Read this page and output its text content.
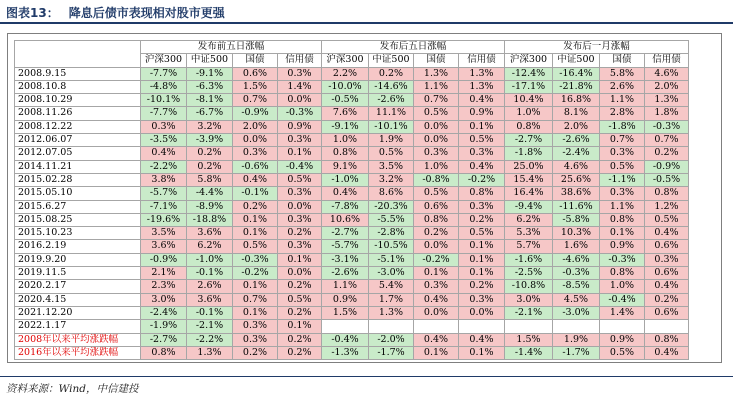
图表13： 降息后债市表现相对股市更强
	发布前五日涨幅				发布后五日涨幅				发布后一月涨幅			
	沪深300	中证500	国债	信用债	沪深300	中证500	国债	信用债	沪深300	中证500	国债	信用债
2008.9.15	-7.7%	-9.1%	0.6%	0.3%	2.2%	0.2%	1.3%	1.3%	-12.4%	-16.4%	5.8%	4.6%
2008.10.8	-4.8%	-6.3%	1.5%	1.4%	-10.0%	-14.6%	1.1%	1.3%	-17.1%	-21.8%	2.6%	2.0%
2008.10.29	-10.1%	-8.1%	0.7%	0.0%	-0.5%	-2.6%	0.7%	0.4%	10.4%	16.8%	1.1%	1.3%
2008.11.26	-7.7%	-6.7%	-0.9%	-0.3%	7.6%	11.1%	0.5%	0.9%	1.0%	8.1%	2.8%	1.8%
2008.12.22	0.3%	3.2%	2.0%	0.9%	-9.1%	-10.1%	0.0%	0.1%	0.8%	2.0%	-1.8%	-0.3%
2012.06.07	-3.5%	-3.9%	0.0%	0.3%	1.0%	1.9%	0.0%	0.5%	-2.7%	-2.6%	0.7%	0.7%
2012.07.05	0.4%	0.2%	0.3%	0.1%	0.8%	0.5%	0.3%	0.3%	-1.8%	-2.4%	0.3%	0.2%
2014.11.21	-2.2%	0.2%	-0.6%	-0.4%	9.1%	3.5%	1.0%	0.4%	25.0%	4.6%	0.5%	-0.9%
2015.02.28	3.8%	5.8%	0.4%	0.5%	-1.0%	3.2%	-0.8%	-0.2%	15.4%	25.6%	-1.1%	-0.5%
2015.05.10	-5.7%	-4.4%	-0.1%	0.3%	0.4%	8.6%	0.5%	0.8%	16.4%	38.6%	0.3%	0.8%
2015.6.27	-7.1%	-8.9%	0.2%	0.0%	-7.8%	-20.3%	0.6%	0.3%	-9.4%	-11.6%	1.1%	1.2%
2015.08.25	-19.6%	-18.8%	0.1%	0.3%	10.6%	-5.5%	0.8%	0.2%	6.2%	-5.8%	0.8%	0.5%
2015.10.23	3.5%	3.6%	0.1%	0.2%	-2.7%	-2.8%	0.2%	0.5%	5.3%	10.3%	0.1%	0.4%
2016.2.19	3.6%	6.2%	0.5%	0.3%	-5.7%	-10.5%	0.0%	0.1%	5.7%	1.6%	0.9%	0.6%
2019.9.20	-0.9%	-1.0%	-0.3%	0.1%	-3.1%	-5.1%	-0.2%	0.1%	-1.6%	-4.6%	-0.3%	0.3%
2019.11.5	2.1%	-0.1%	-0.2%	0.0%	-2.6%	-3.0%	0.1%	0.1%	-2.5%	-0.3%	0.8%	0.6%
2020.2.17	2.3%	2.6%	0.1%	0.2%	1.1%	5.4%	0.3%	0.2%	-10.8%	-8.5%	1.0%	0.4%
2020.4.15	3.0%	3.6%	0.7%	0.5%	0.9%	1.7%	0.4%	0.3%	3.0%	4.5%	-0.4%	0.2%
2021.12.20	-2.4%	-0.1%	0.1%	0.2%	1.5%	1.3%	0.0%	0.0%	-2.1%	-3.0%	1.4%	0.6%
2022.1.17	-1.9%	-2.1%	0.3%	0.1%								
2008年以来平均涨跌幅	-2.7%	-2.2%	0.3%	0.2%	-0.4%	-2.0%	0.4%	0.4%	1.5%	1.9%	0.9%	0.8%
2016年以来平均涨跌幅	0.8%	1.3%	0.2%	0.2%	-1.3%	-1.7%	0.1%	0.1%	-1.4%	-1.7%	0.5%	0.4%
资料来源：Wind，中信建投
